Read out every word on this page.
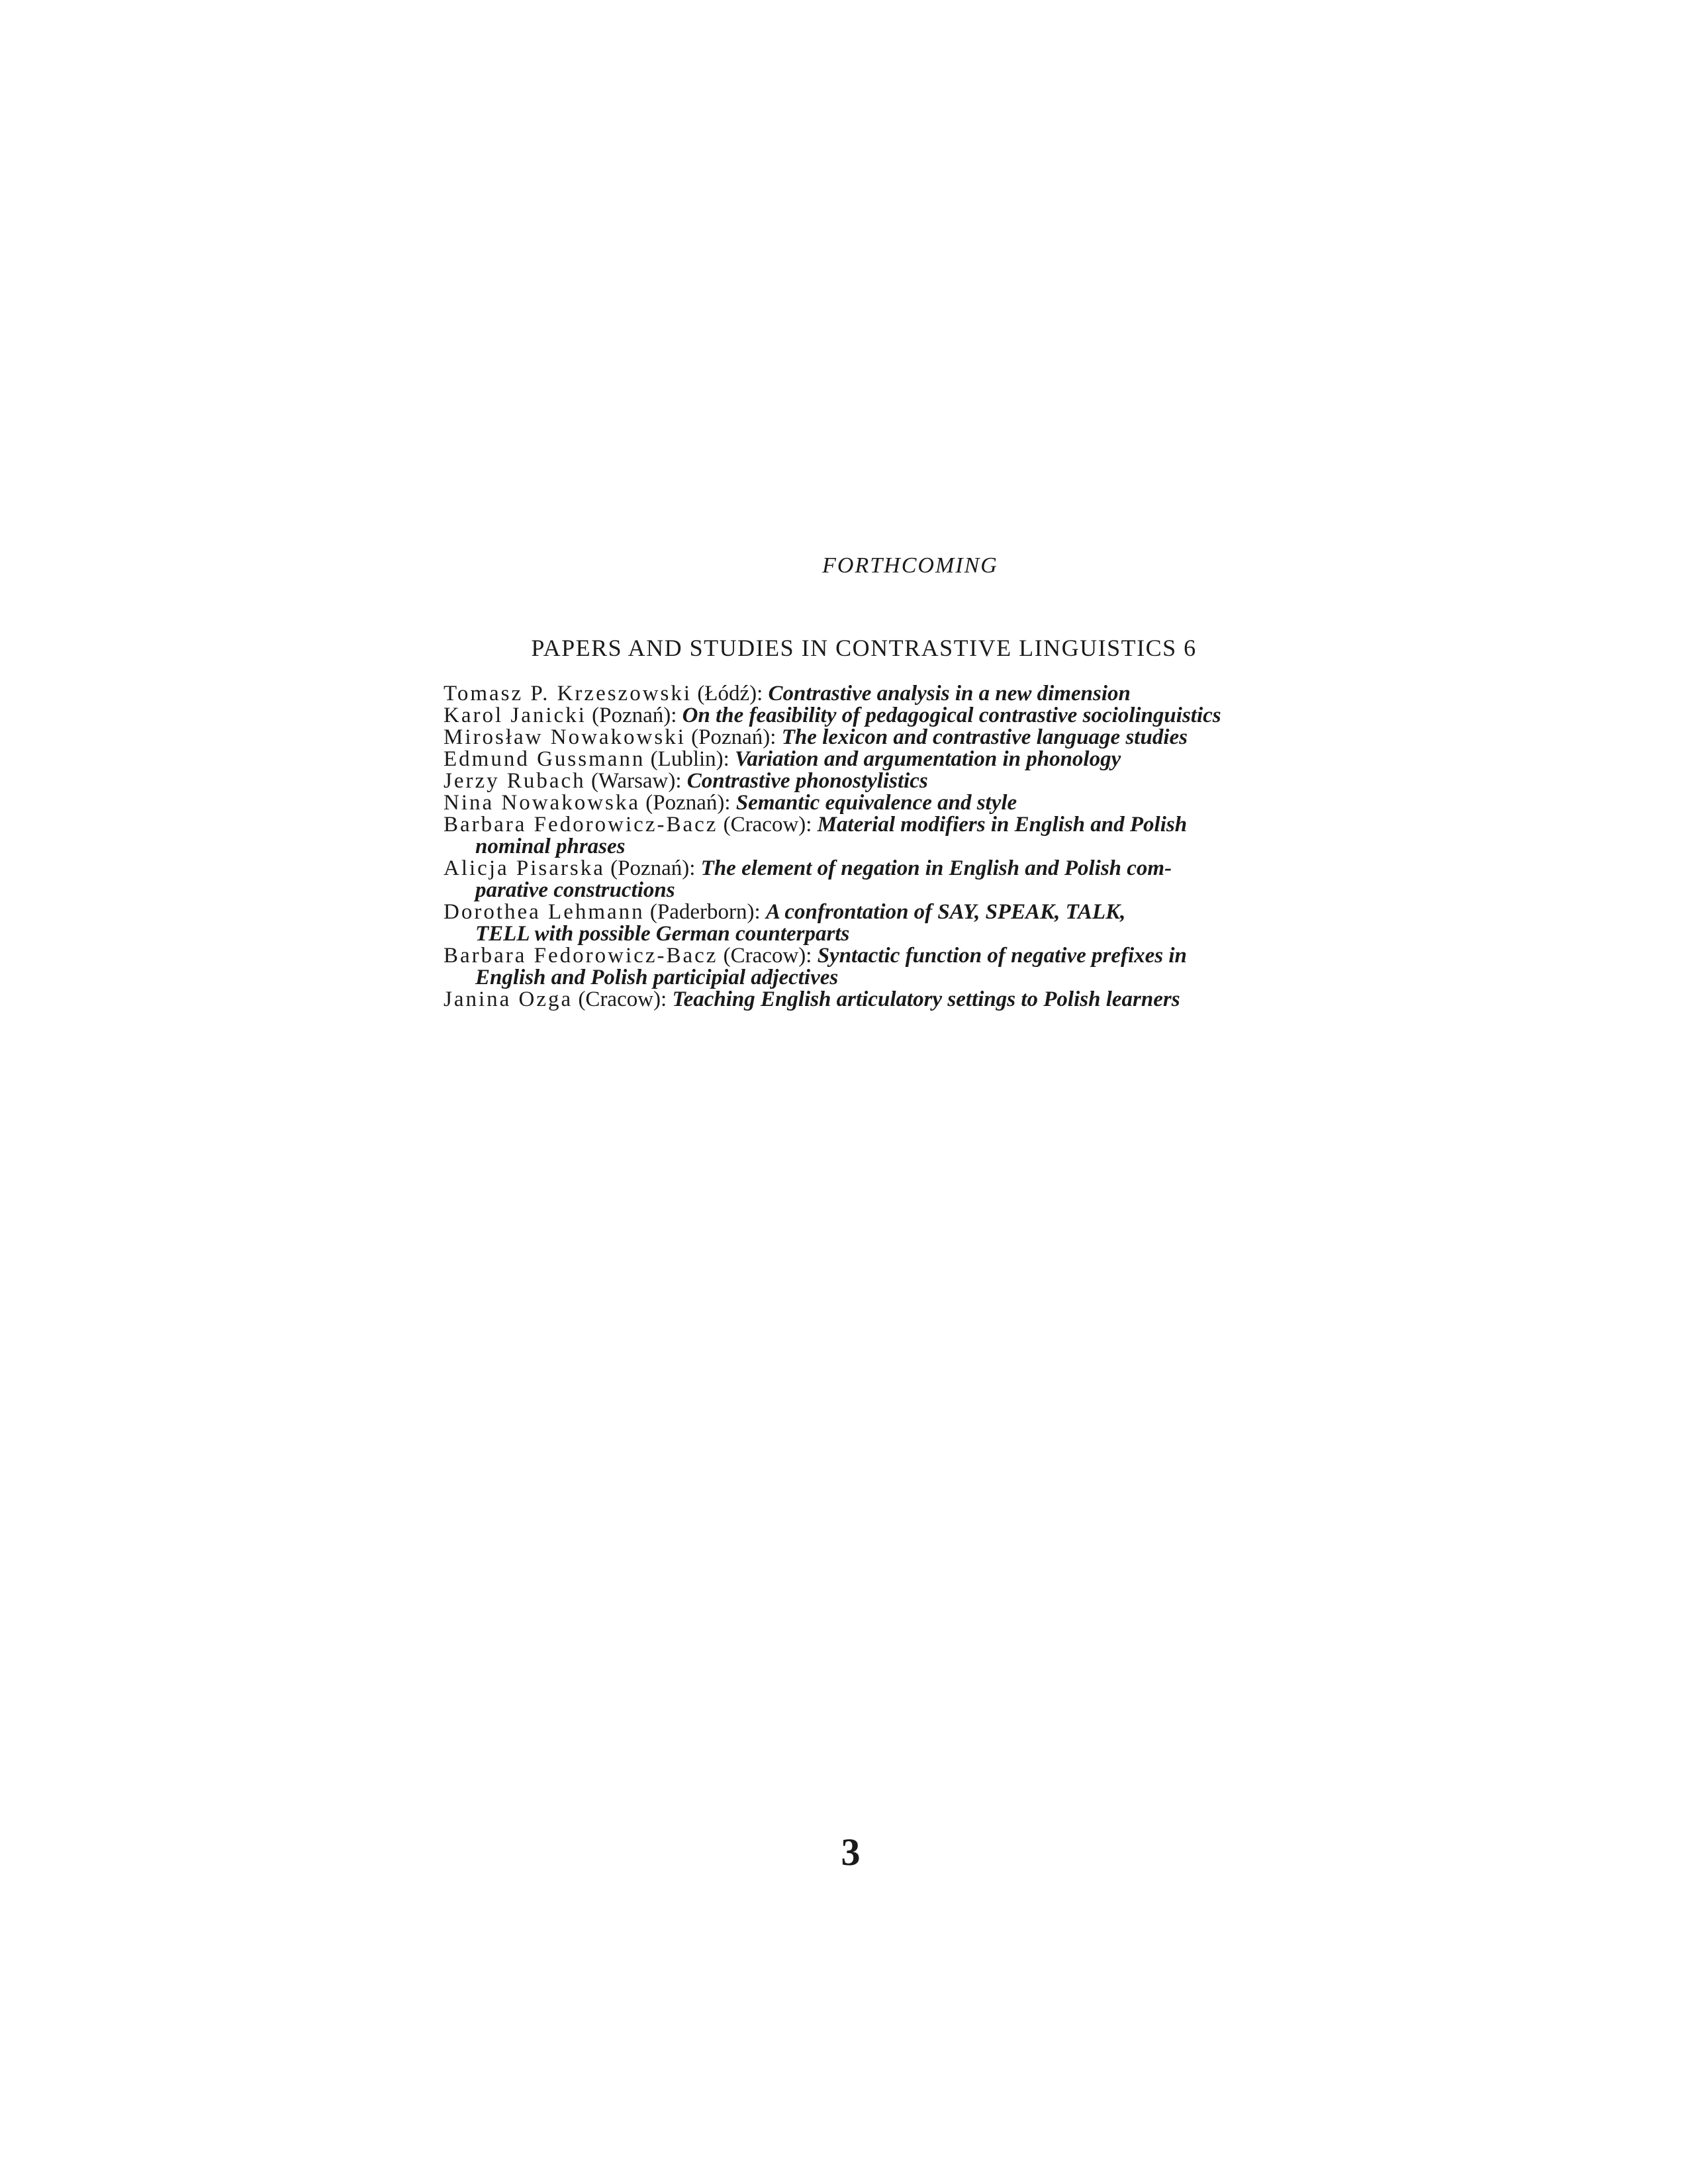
FORTHCOMING
PAPERS AND STUDIES IN CONTRASTIVE LINGUISTICS 6

Tomasz P. Krzeszowski (Łódź): Contrastive analysis in a new dimension

Karol Janicki (Poznań): On the feasibility of pedagogical contrastive sociolinguistics

Mirosław Nowakowski (Poznań): The lexicon and contrastive language studies

Edmund Gussmann (Lublin): Variation and argumentation in phonology

Jerzy Rubach (Warsaw): Contrastive phonostylistics

Nina Nowakowska (Poznań): Semantic equivalence and style

Barbara Fedorowicz-Bacz (Cracow): Material modifiers in English and Polish
nominal phrases

Alicja Pisarska (Poznań): The element of negation in English and Polish com-
parative constructions

Dorothea Lehmann (Paderborn): A confrontation of SAY, SPEAK, TALK,
TELL with possible German counterparts

Barbara Fedorowicz-Bacz (Cracow): Syntactic function of negative prefixes in
English and Polish participial adjectives

Janina Ozga (Cracow): Teaching English articulatory settings to Polish learners

3
